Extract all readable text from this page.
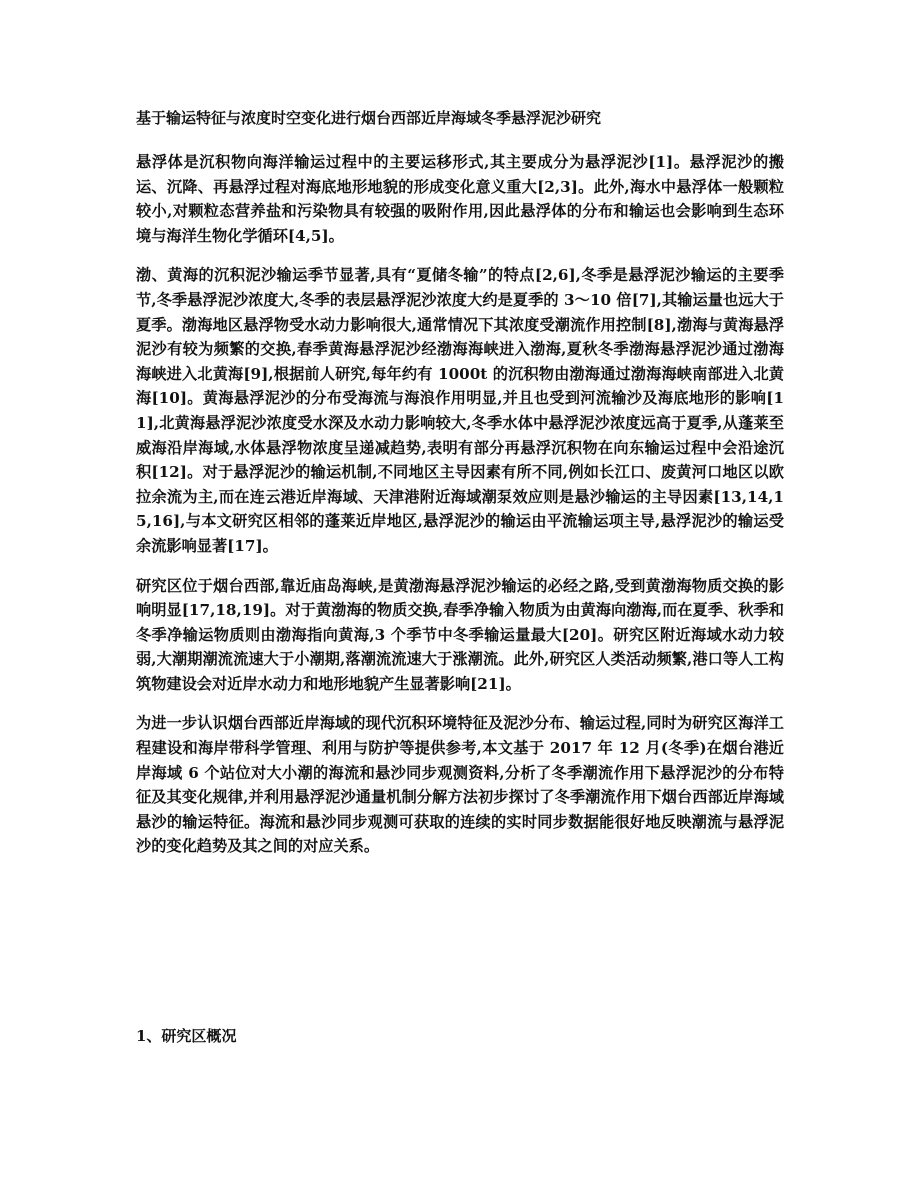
基于输运特征与浓度时空变化进行烟台西部近岸海域冬季悬浮泥沙研究

悬浮体是沉积物向海洋输运过程中的主要运移形式,其主要成分为悬浮泥沙[1]。悬浮泥沙的搬运、沉降、再悬浮过程对海底地形地貌的形成变化意义重大[2,3]。此外,海水中悬浮体一般颗粒较小,对颗粒态营养盐和污染物具有较强的吸附作用,因此悬浮体的分布和输运也会影响到生态环境与海洋生物化学循环[4,5]。

渤、黄海的沉积泥沙输运季节显著,具有“夏储冬输”的特点[2,6],冬季是悬浮泥沙输运的主要季节,冬季悬浮泥沙浓度大,冬季的表层悬浮泥沙浓度大约是夏季的 3～10 倍[7],其输运量也远大于夏季。渤海地区悬浮物受水动力影响很大,通常情况下其浓度受潮流作用控制[8],渤海与黄海悬浮泥沙有较为频繁的交换,春季黄海悬浮泥沙经渤海海峡进入渤海,夏秋冬季渤海悬浮泥沙通过渤海海峡进入北黄海[9],根据前人研究,每年约有 1000t 的沉积物由渤海通过渤海海峡南部进入北黄海[10]。黄海悬浮泥沙的分布受海流与海浪作用明显,并且也受到河流输沙及海底地形的影响[11],北黄海悬浮泥沙浓度受水深及水动力影响较大,冬季水体中悬浮泥沙浓度远高于夏季,从蓬莱至威海沿岸海域,水体悬浮物浓度呈递减趋势,表明有部分再悬浮沉积物在向东输运过程中会沿途沉积[12]。对于悬浮泥沙的输运机制,不同地区主导因素有所不同,例如长江口、废黄河口地区以欧拉余流为主,而在连云港近岸海域、天津港附近海域潮泵效应则是悬沙输运的主导因素[13,14,15,16],与本文研究区相邻的蓬莱近岸地区,悬浮泥沙的输运由平流输运项主导,悬浮泥沙的输运受余流影响显著[17]。

研究区位于烟台西部,靠近庙岛海峡,是黄渤海悬浮泥沙输运的必经之路,受到黄渤海物质交换的影响明显[17,18,19]。对于黄渤海的物质交换,春季净输入物质为由黄海向渤海,而在夏季、秋季和冬季净输运物质则由渤海指向黄海,3 个季节中冬季输运量最大[20]。研究区附近海域水动力较弱,大潮期潮流流速大于小潮期,落潮流流速大于涨潮流。此外,研究区人类活动频繁,港口等人工构筑物建设会对近岸水动力和地形地貌产生显著影响[21]。

为进一步认识烟台西部近岸海域的现代沉积环境特征及泥沙分布、输运过程,同时为研究区海洋工程建设和海岸带科学管理、利用与防护等提供参考,本文基于 2017 年 12 月(冬季)在烟台港近岸海域 6 个站位对大小潮的海流和悬沙同步观测资料,分析了冬季潮流作用下悬浮泥沙的分布特征及其变化规律,并利用悬浮泥沙通量机制分解方法初步探讨了冬季潮流作用下烟台西部近岸海域悬沙的输运特征。海流和悬沙同步观测可获取的连续的实时同步数据能很好地反映潮流与悬浮泥沙的变化趋势及其之间的对应关系。

1、研究区概况
